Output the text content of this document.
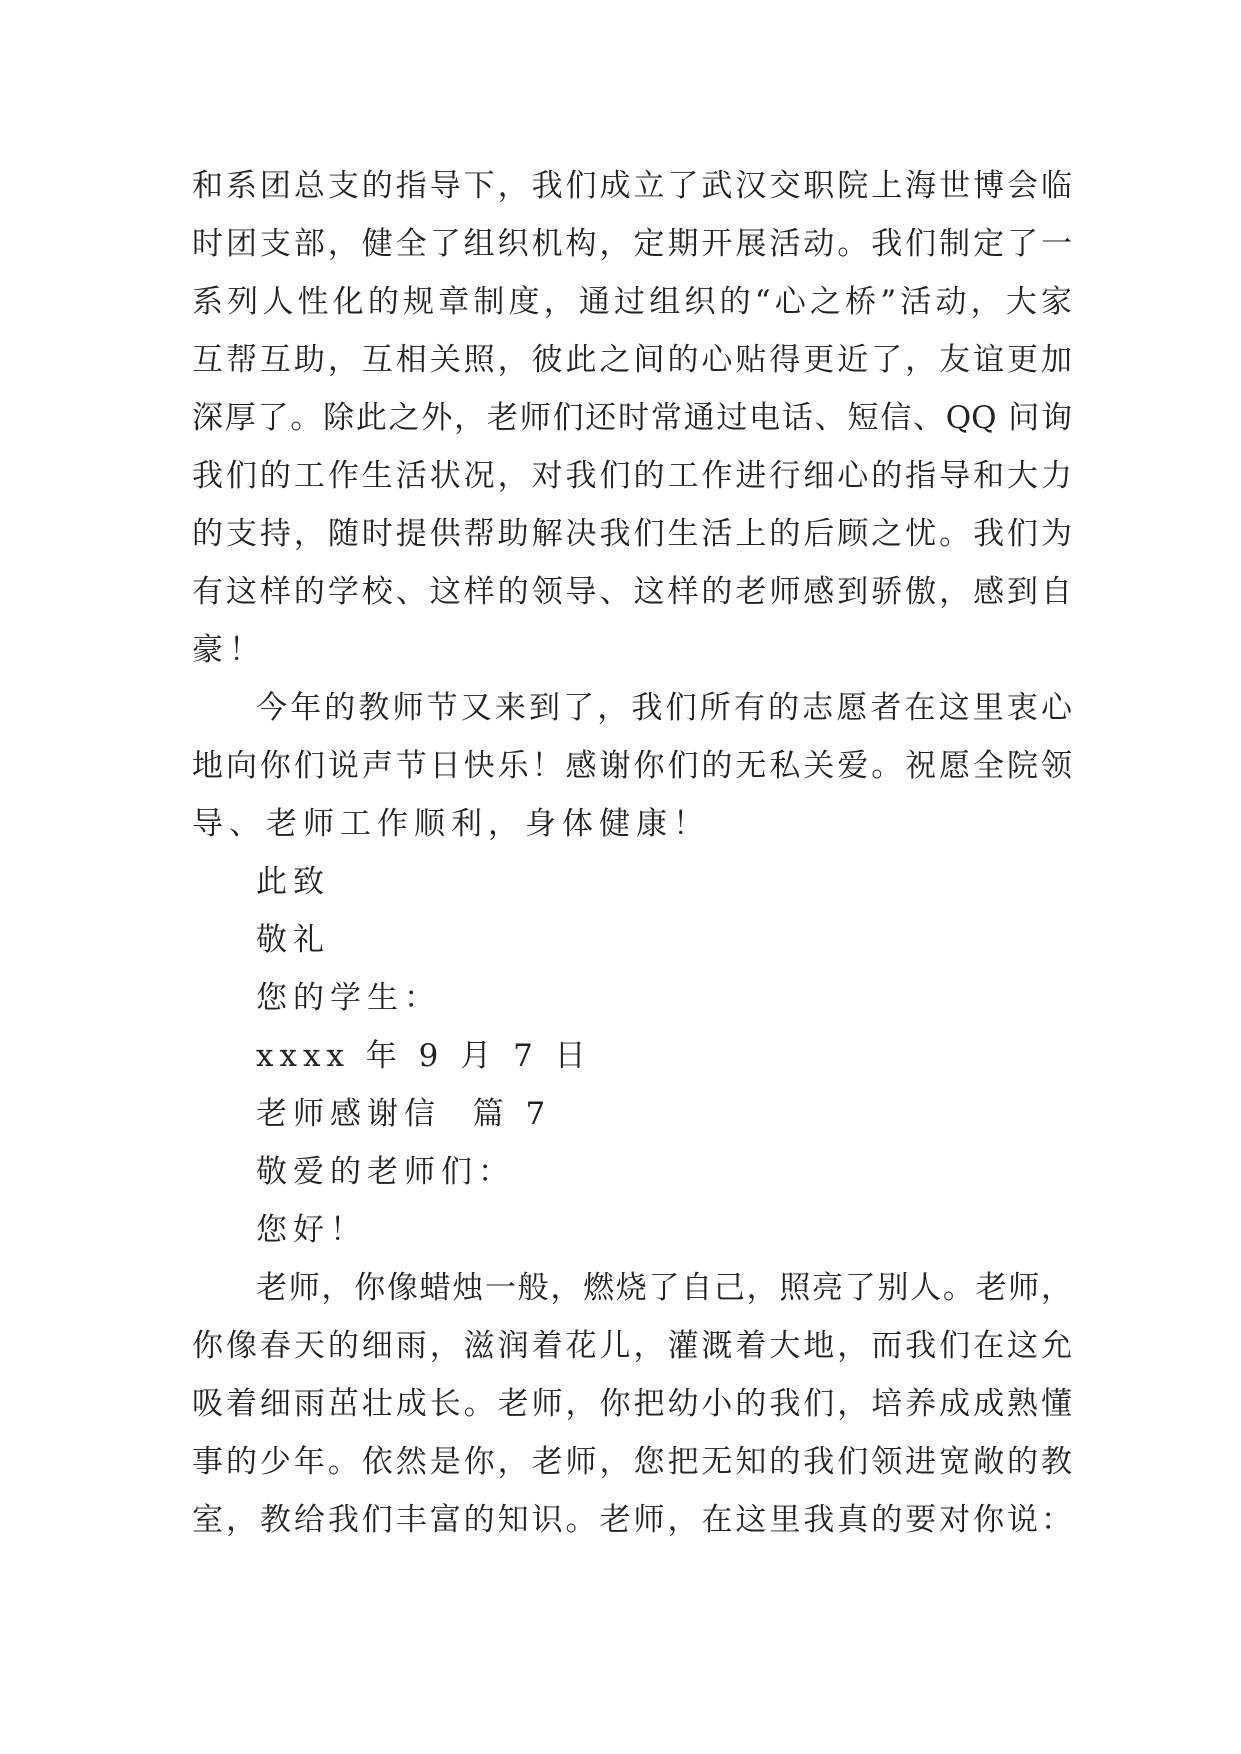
和系团总支的指导下，我们成立了武汉交职院上海世博会临
时团支部，健全了组织机构，定期开展活动。我们制定了一
系列人性化的规章制度，通过组织的“心之桥”活动，大家
互帮互助，互相关照，彼此之间的心贴得更近了，友谊更加
深厚了。除此之外，老师们还时常通过电话、短信、QQ 问询
我们的工作生活状况，对我们的工作进行细心的指导和大力
的支持，随时提供帮助解决我们生活上的后顾之忧。我们为
有这样的学校、这样的领导、这样的老师感到骄傲，感到自
豪！
今年的教师节又来到了，我们所有的志愿者在这里衷心
地向你们说声节日快乐！感谢你们的无私关爱。祝愿全院领
导、老师工作顺利，身体健康！
此致
敬礼
您的学生：
xxxx 年 9 月 7 日
老师感谢信  篇 7
敬爱的老师们：
您好！
老师，你像蜡烛一般，燃烧了自己，照亮了别人。老师，
你像春天的细雨，滋润着花儿，灌溉着大地，而我们在这允
吸着细雨茁壮成长。老师，你把幼小的我们，培养成成熟懂
事的少年。依然是你，老师，您把无知的我们领进宽敞的教
室，教给我们丰富的知识。老师，在这里我真的要对你说：
